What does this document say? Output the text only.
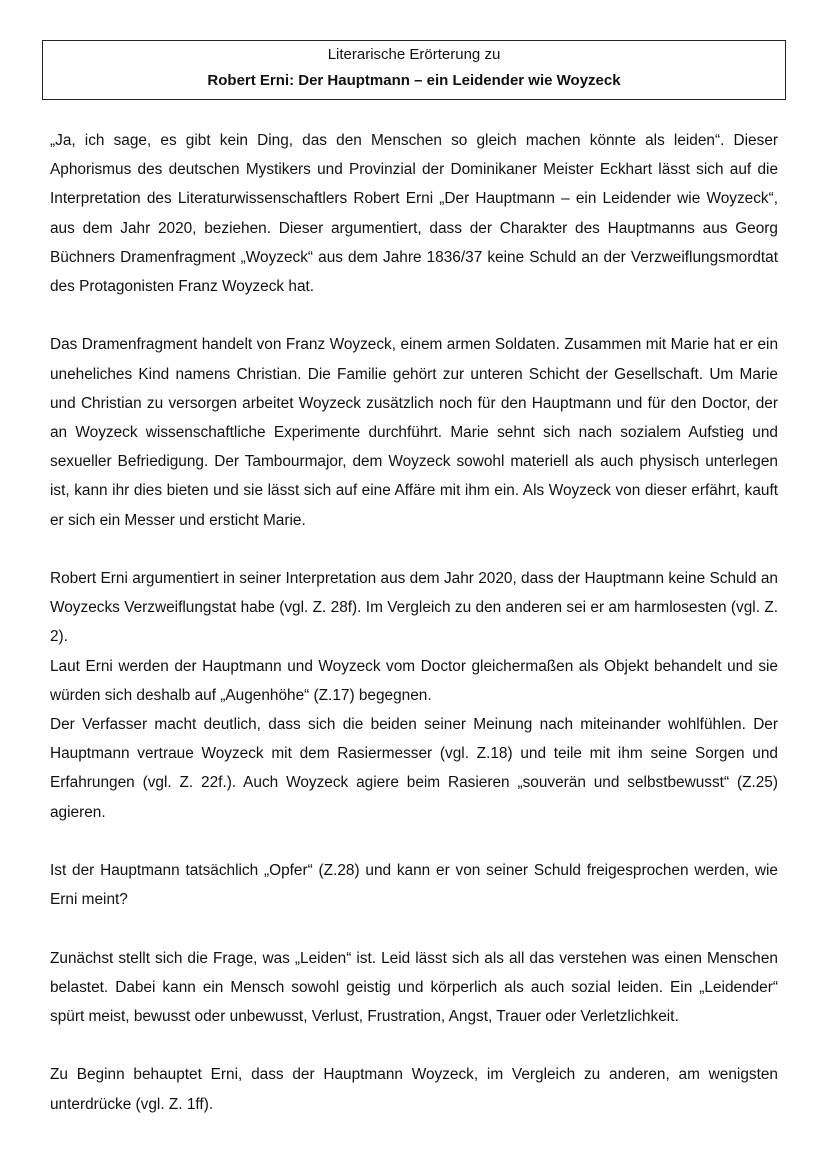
Literarische Erörterung zu
Robert Erni: Der Hauptmann – ein Leidender wie Woyzeck

„Ja, ich sage, es gibt kein Ding, das den Menschen so gleich machen könnte als leiden“. Dieser Aphorismus des deutschen Mystikers und Provinzial der Dominikaner Meister Eckhart lässt sich auf die Interpretation des Literaturwissenschaftlers Robert Erni „Der Hauptmann – ein Leidender wie Woyzeck“, aus dem Jahr 2020, beziehen. Dieser argumentiert, dass der Charakter des Hauptmanns aus Georg Büchners Dramenfragment „Woyzeck“ aus dem Jahre 1836/37 keine Schuld an der Verzweiflungsmordtat des Protagonisten Franz Woyzeck hat.

Das Dramenfragment handelt von Franz Woyzeck, einem armen Soldaten. Zusammen mit Marie hat er ein uneheliches Kind namens Christian. Die Familie gehört zur unteren Schicht der Gesellschaft. Um Marie und Christian zu versorgen arbeitet Woyzeck zusätzlich noch für den Hauptmann und für den Doctor, der an Woyzeck wissenschaftliche Experimente durchführt. Marie sehnt sich nach sozialem Aufstieg und sexueller Befriedigung. Der Tambourmajor, dem Woyzeck sowohl materiell als auch physisch unterlegen ist, kann ihr dies bieten und sie lässt sich auf eine Affäre mit ihm ein. Als Woyzeck von dieser erfährt, kauft er sich ein Messer und ersticht Marie.

Robert Erni argumentiert in seiner Interpretation aus dem Jahr 2020, dass der Hauptmann keine Schuld an Woyzecks Verzweiflungstat habe (vgl. Z. 28f). Im Vergleich zu den anderen sei er am harmlosesten (vgl. Z. 2).

Laut Erni werden der Hauptmann und Woyzeck vom Doctor gleichermaßen als Objekt behandelt und sie würden sich deshalb auf „Augenhöhe“ (Z.17) begegnen.

Der Verfasser macht deutlich, dass sich die beiden seiner Meinung nach miteinander wohlfühlen. Der Hauptmann vertraue Woyzeck mit dem Rasiermesser (vgl. Z.18) und teile mit ihm seine Sorgen und Erfahrungen (vgl. Z. 22f.). Auch Woyzeck agiere beim Rasieren „souverän und selbstbewusst“ (Z.25) agieren.

Ist der Hauptmann tatsächlich „Opfer“ (Z.28) und kann er von seiner Schuld freigesprochen werden, wie Erni meint?

Zunächst stellt sich die Frage, was „Leiden“ ist. Leid lässt sich als all das verstehen was einen Menschen belastet. Dabei kann ein Mensch sowohl geistig und körperlich als auch sozial leiden. Ein „Leidender“ spürt meist, bewusst oder unbewusst, Verlust, Frustration, Angst, Trauer oder Verletzlichkeit.

Zu Beginn behauptet Erni, dass der Hauptmann Woyzeck, im Vergleich zu anderen, am wenigsten unterdrücke (vgl. Z. 1ff).
